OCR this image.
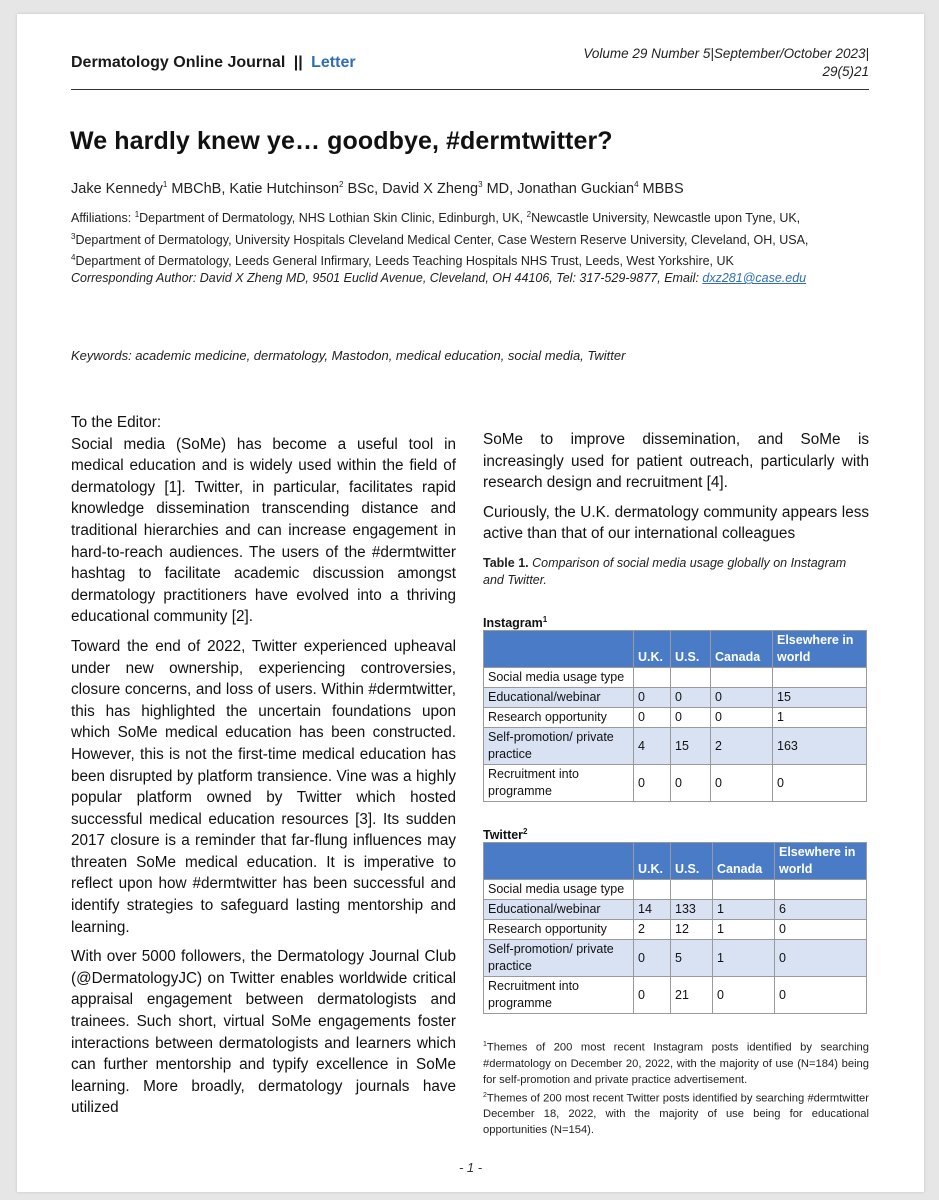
Dermatology Online Journal || Letter
Volume 29 Number 5|September/October 2023|
29(5)21
We hardly knew ye… goodbye, #dermtwitter?
Jake Kennedy$^1$ MBChB, Katie Hutchinson$^2$ BSc, David X Zheng$^3$ MD, Jonathan Guckian$^4$ MBBS
Affiliations: $^1$Department of Dermatology, NHS Lothian Skin Clinic, Edinburgh, UK, $^2$Newcastle University, Newcastle upon Tyne, UK, $^3$Department of Dermatology, University Hospitals Cleveland Medical Center, Case Western Reserve University, Cleveland, OH, USA, $^4$Department of Dermatology, Leeds General Infirmary, Leeds Teaching Hospitals NHS Trust, Leeds, West Yorkshire, UK
Corresponding Author: David X Zheng MD, 9501 Euclid Avenue, Cleveland, OH 44106, Tel: 317-529-9877, Email: dxz281@case.edu
Keywords: academic medicine, dermatology, Mastodon, medical education, social media, Twitter

To the Editor:

Social media (SoMe) has become a useful tool in medical education and is widely used within the field of dermatology [1]. Twitter, in particular, facilitates rapid knowledge dissemination transcending distance and traditional hierarchies and can increase engagement in hard-to-reach audiences. The users of the #dermtwitter hashtag to facilitate academic discussion amongst dermatology practitioners have evolved into a thriving educational community [2].

Toward the end of 2022, Twitter experienced upheaval under new ownership, experiencing controversies, closure concerns, and loss of users. Within #dermtwitter, this has highlighted the uncertain foundations upon which SoMe medical education has been constructed. However, this is not the first-time medical education has been disrupted by platform transience. Vine was a highly popular platform owned by Twitter which hosted successful medical education resources [3]. Its sudden 2017 closure is a reminder that far-flung influences may threaten SoMe medical education. It is imperative to reflect upon how #dermtwitter has been successful and identify strategies to safeguard lasting mentorship and learning.

With over 5000 followers, the Dermatology Journal Club (@DermatologyJC) on Twitter enables worldwide critical appraisal engagement between dermatologists and trainees. Such short, virtual SoMe engagements foster interactions between dermatologists and learners which can further mentorship and typify excellence in SoMe learning. More broadly, dermatology journals have utilized

SoMe to improve dissemination, and SoMe is increasingly used for patient outreach, particularly with research design and recruitment [4].

Curiously, the U.K. dermatology community appears less active than that of our international colleagues

Table 1. Comparison of social media usage globally on Instagram and Twitter.
Instagram$^1$
	U.K.	U.S.	Canada	Elsewhere in world
Social media usage type				
Educational/webinar	0	0	0	15
Research opportunity	0	0	0	1
Self-promotion/ private practice	4	15	2	163
Recruitment into programme	0	0	0	0
Twitter$^2$
	U.K.	U.S.	Canada	Elsewhere in world
Social media usage type				
Educational/webinar	14	133	1	6
Research opportunity	2	12	1	0
Self-promotion/ private practice	0	5	1	0
Recruitment into programme	0	21	0	0

$^1$Themes of 200 most recent Instagram posts identified by searching #dermatology on December 20, 2022, with the majority of use (N=184) being for self-promotion and private practice advertisement.

$^2$Themes of 200 most recent Twitter posts identified by searching #dermtwitter December 18, 2022, with the majority of use being for educational opportunities (N=154).

- 1 -
